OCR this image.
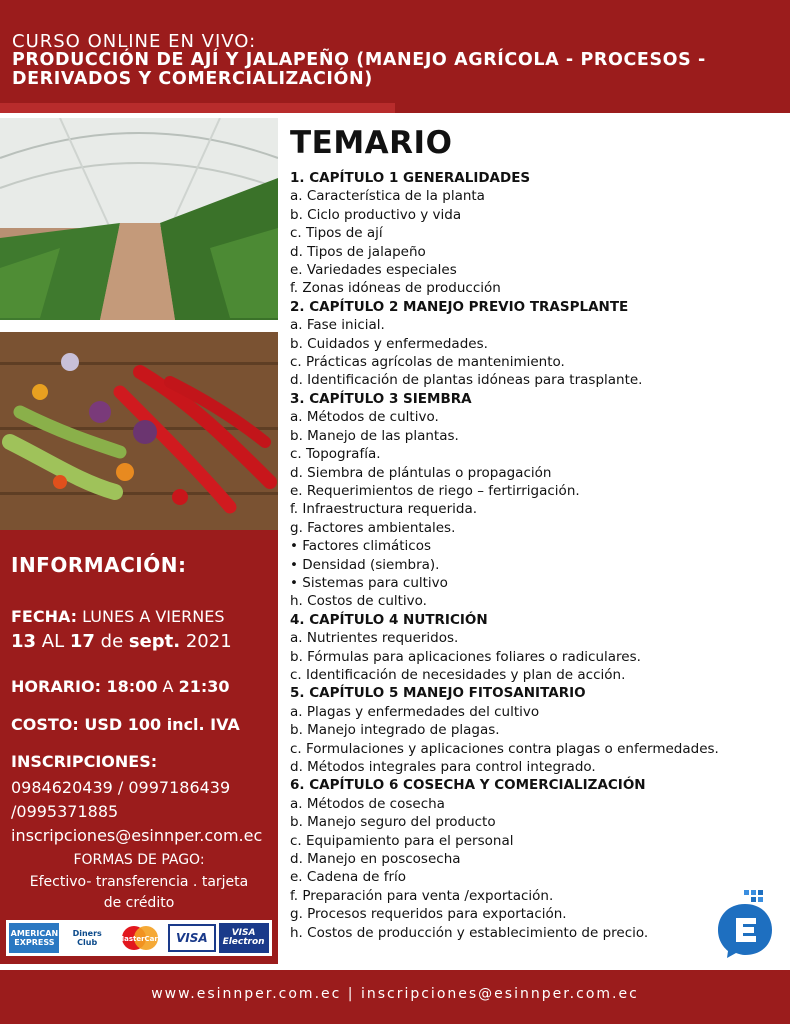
CURSO ONLINE EN VIVO:
PRODUCCIÓN DE AJÍ Y JALAPEÑO (MANEJO AGRÍCOLA - PROCESOS -
DERIVADOS Y COMERCIALIZACIÓN)
INFORMACIÓN:
FECHA: LUNES A VIERNES
13 AL 17 de sept. 2021
HORARIO: 18:00 A 21:30
COSTO: USD 100 incl. IVA
INSCRIPCIONES:
0984620439 / 0997186439
/0995371885
inscripciones@esinnper.com.ec
FORMAS DE PAGO:
Efectivo- transferencia . tarjeta
de crédito
AMERICAN EXPRESS
Diners Club	MasterCard	VISA	VISA Electron
TEMARIO
1. CAPÍTULO 1 GENERALIDADES
a. Característica de la planta
b. Ciclo productivo y vida
c. Tipos de ají
d. Tipos de jalapeño
e. Variedades especiales
f. Zonas idóneas de producción
2. CAPÍTULO 2 MANEJO PREVIO TRASPLANTE
a. Fase inicial.
b. Cuidados y enfermedades.
c. Prácticas agrícolas de mantenimiento.
d. Identificación de plantas idóneas para trasplante.
3. CAPÍTULO 3 SIEMBRA
a. Métodos de cultivo.
b. Manejo de las plantas.
c. Topografía.
d. Siembra de plántulas o propagación
e. Requerimientos de riego – fertirrigación.
f. Infraestructura requerida.
g. Factores ambientales.
• Factores climáticos
• Densidad (siembra).
• Sistemas para cultivo
h. Costos de cultivo.
4. CAPÍTULO 4 NUTRICIÓN
a. Nutrientes requeridos.
b. Fórmulas para aplicaciones foliares o radiculares.
c. Identificación de necesidades y plan de acción.
5. CAPÍTULO 5 MANEJO FITOSANITARIO
a. Plagas y enfermedades del cultivo
b. Manejo integrado de plagas.
c. Formulaciones y aplicaciones contra plagas o enfermedades.
d. Métodos integrales para control integrado.
6. CAPÍTULO 6 COSECHA Y COMERCIALIZACIÓN
a. Métodos de cosecha
b. Manejo seguro del producto
c. Equipamiento para el personal
d. Manejo en poscosecha
e. Cadena de frío
f. Preparación para venta /exportación.
g. Procesos requeridos para exportación.
h. Costos de producción y establecimiento de precio.
www.esinnper.com.ec | inscripciones@esinnper.com.ec
